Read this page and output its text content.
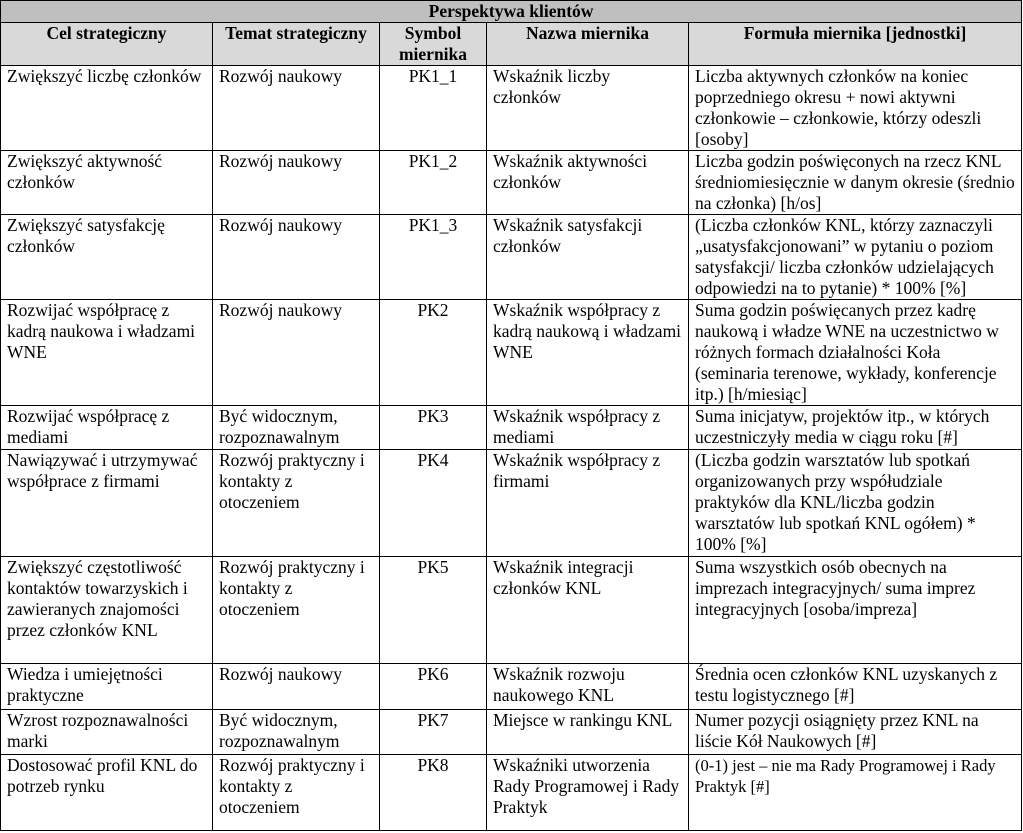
Perspektywa klientów				
Cel strategiczny	Temat strategiczny	Symbol miernika	Nazwa miernika	Formuła miernika [jednostki]
Zwiększyć liczbę członków	Rozwój naukowy	PK1_1	Wskaźnik liczby członków	Liczba aktywnych członków na koniec poprzedniego okresu + nowi aktywni członkowie – członkowie, którzy odeszli [osoby]
Zwiększyć aktywność członków	Rozwój naukowy	PK1_2	Wskaźnik aktywności członków	Liczba godzin poświęconych na rzecz KNL średniomiesięcznie w danym okresie (średnio na członka) [h/os]
Zwiększyć satysfakcję członków	Rozwój naukowy	PK1_3	Wskaźnik satysfakcji członków	(Liczba członków KNL, którzy zaznaczyli „usatysfakcjonowani” w pytaniu o poziom satysfakcji/ liczba członków udzielających odpowiedzi na to pytanie) * 100% [%]
Rozwijać współpracę z kadrą naukowa i władzami WNE	Rozwój naukowy	PK2	Wskaźnik współpracy z kadrą naukową i władzami WNE	Suma godzin poświęcanych przez kadrę naukową i władze WNE na uczestnictwo w różnych formach działalności Koła (seminaria terenowe, wykłady, konferencje itp.) [h/miesiąc]
Rozwijać współpracę z mediami	Być widocznym, rozpoznawalnym	PK3	Wskaźnik współpracy z mediami	Suma inicjatyw, projektów itp., w których uczestniczyły media w ciągu roku [#]
Nawiązywać i utrzymywać współprace z firmami	Rozwój praktyczny i kontakty z otoczeniem	PK4	Wskaźnik współpracy z firmami	(Liczba godzin warsztatów lub spotkań organizowanych przy współudziale praktyków dla KNL/liczba godzin warsztatów lub spotkań KNL ogółem) * 100% [%]
Zwiększyć częstotliwość kontaktów towarzyskich i zawieranych znajomości przez członków KNL	Rozwój praktyczny i kontakty z otoczeniem	PK5	Wskaźnik integracji członków KNL	Suma wszystkich osób obecnych na imprezach integracyjnych/ suma imprez integracyjnych [osoba/impreza]
Wiedza i umiejętności praktyczne	Rozwój naukowy	PK6	Wskaźnik rozwoju naukowego KNL	Średnia ocen członków KNL uzyskanych z testu logistycznego [#]
Wzrost rozpoznawalności marki	Być widocznym, rozpoznawalnym	PK7	Miejsce w rankingu KNL	Numer pozycji osiągnięty przez KNL na liście Kół Naukowych [#]
Dostosować profil KNL do potrzeb rynku	Rozwój praktyczny i kontakty z otoczeniem	PK8	Wskaźniki utworzenia Rady Programowej i Rady Praktyk	(0-1) jest – nie ma Rady Programowej i Rady Praktyk [#]
